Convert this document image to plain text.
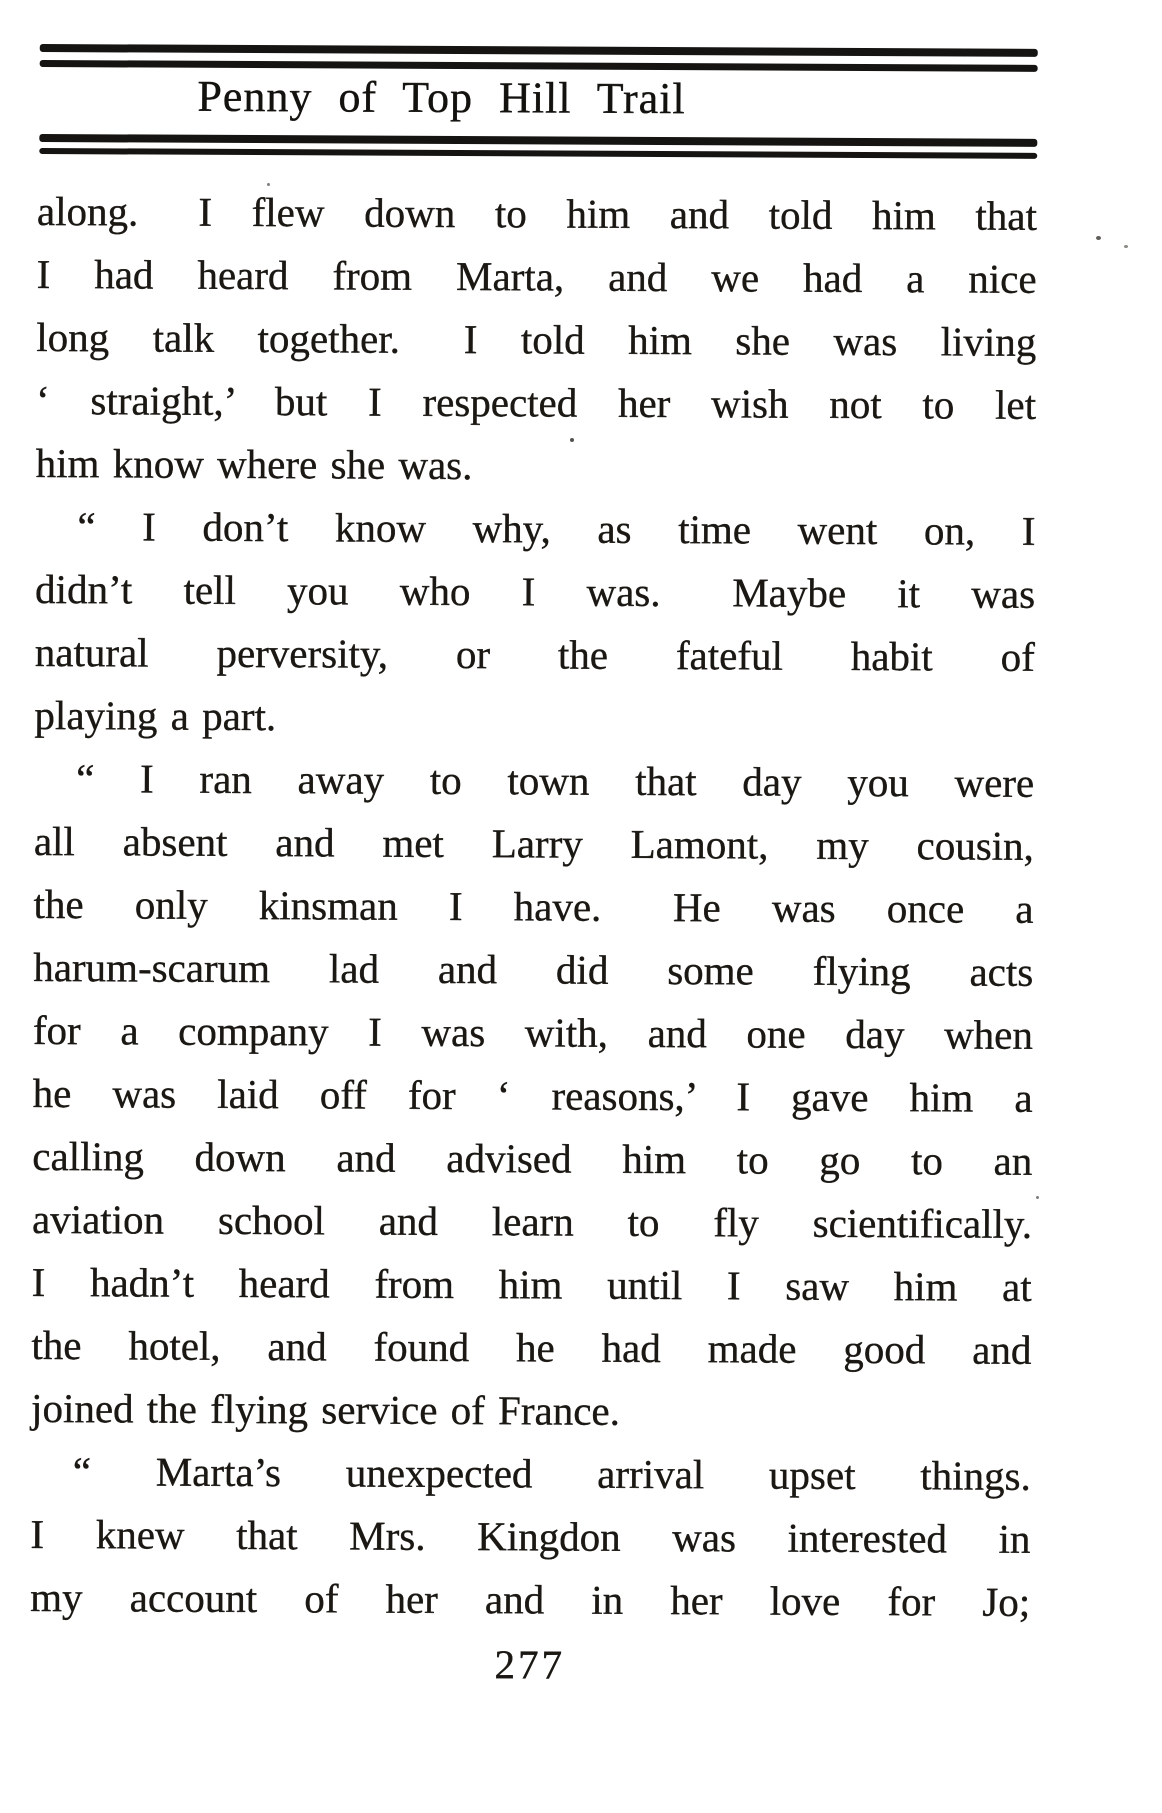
Penny of Top Hill Trail
along.  I flew down to him and told him that
I had heard from Marta, and we had a nice
long talk together.  I told him she was living
‘ straight,’ but I respected her wish not to let
him know where she was.
“ I don’t know why, as time went on, I
didn’t tell you who I was.  Maybe it was
natural perversity, or the fateful habit of
playing a part.
“ I ran away to town that day you were
all absent and met Larry Lamont, my cousin,
the only kinsman I have.  He was once a
harum-scarum lad and did some flying acts
for a company I was with, and one day when
he was laid off for ‘ reasons,’ I gave him a
calling down and advised him to go to an
aviation school and learn to fly scientifically.
I hadn’t heard from him until I saw him at
the hotel, and found he had made good and
joined the flying service of France.
“ Marta’s unexpected arrival upset things.
I knew that Mrs. Kingdon was interested in
my account of her and in her love for Jo;
277
